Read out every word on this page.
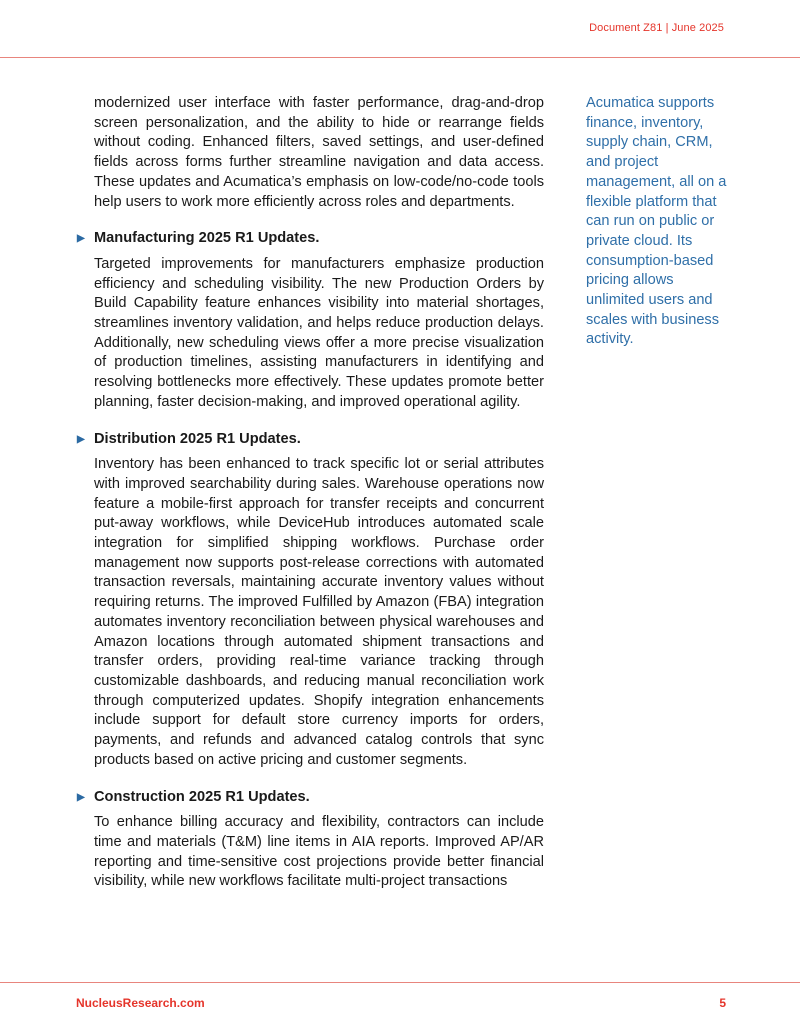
Document Z81 | June 2025

modernized user interface with faster performance, drag-and-drop screen personalization, and the ability to hide or rearrange fields without coding. Enhanced filters, saved settings, and user-defined fields across forms further streamline navigation and data access. These updates and Acumatica’s emphasis on low-code/no-code tools help users to work more efficiently across roles and departments.

▶ Manufacturing 2025 R1 Updates.

Targeted improvements for manufacturers emphasize production efficiency and scheduling visibility. The new Production Orders by Build Capability feature enhances visibility into material shortages, streamlines inventory validation, and helps reduce production delays. Additionally, new scheduling views offer a more precise visualization of production timelines, assisting manufacturers in identifying and resolving bottlenecks more effectively. These updates promote better planning, faster decision-making, and improved operational agility.

▶ Distribution 2025 R1 Updates.

Inventory has been enhanced to track specific lot or serial attributes with improved searchability during sales. Warehouse operations now feature a mobile-first approach for transfer receipts and concurrent put-away workflows, while DeviceHub introduces automated scale integration for simplified shipping workflows. Purchase order management now supports post-release corrections with automated transaction reversals, maintaining accurate inventory values without requiring returns. The improved Fulfilled by Amazon (FBA) integration automates inventory reconciliation between physical warehouses and Amazon locations through automated shipment transactions and transfer orders, providing real-time variance tracking through customizable dashboards, and reducing manual reconciliation work through computerized updates. Shopify integration enhancements include support for default store currency imports for orders, payments, and refunds and advanced catalog controls that sync products based on active pricing and customer segments.

▶ Construction 2025 R1 Updates.

To enhance billing accuracy and flexibility, contractors can include time and materials (T&M) line items in AIA reports. Improved AP/AR reporting and time-sensitive cost projections provide better financial visibility, while new workflows facilitate multi-project transactions

Acumatica supports finance, inventory, supply chain, CRM, and project management, all on a flexible platform that can run on public or private cloud. Its consumption-based pricing allows unlimited users and scales with business activity.
NucleusResearch.com	5
